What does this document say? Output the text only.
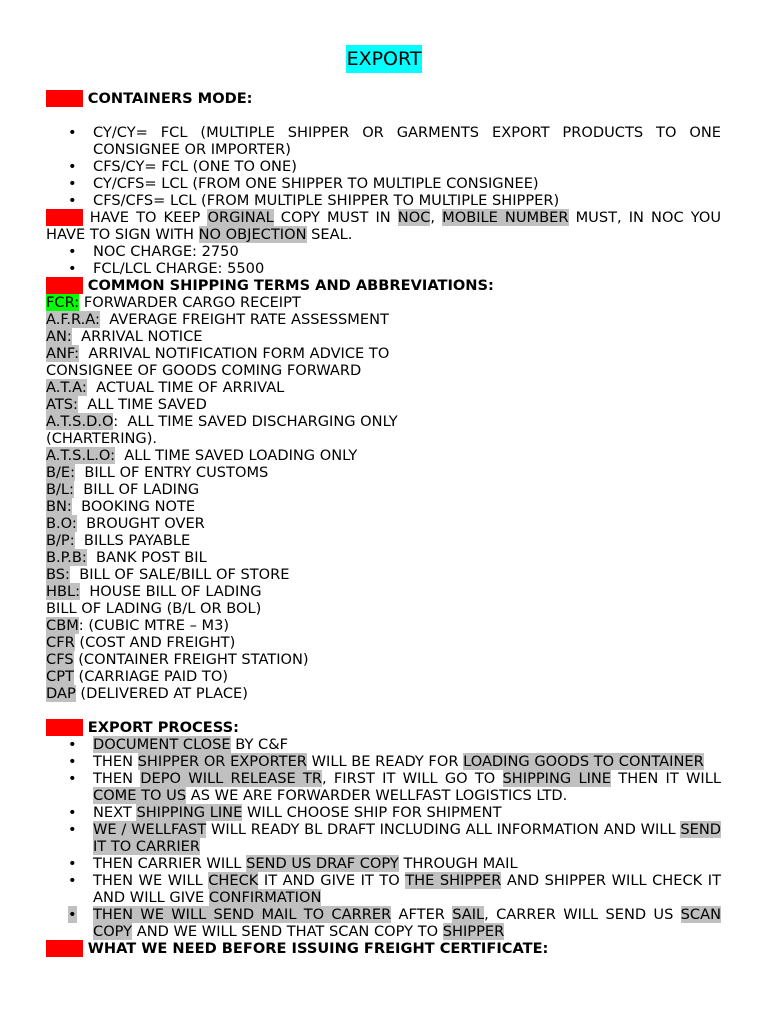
EXPORT
### CONTAINERS MODE:
• CY/CY= FCL (MULTIPLE SHIPPER OR GARMENTS EXPORT PRODUCTS TO ONE CONSIGNEE OR IMPORTER)
• CFS/CY= FCL (ONE TO ONE)
• CY/CFS= LCL (FROM ONE SHIPPER TO MULTIPLE CONSIGNEE)
• CFS/CFS= LCL (FROM MULTIPLE SHIPPER TO MULTIPLE SHIPPER)
### HAVE TO KEEP ORGINAL COPY MUST IN NOC, MOBILE NUMBER MUST, IN NOC YOU HAVE TO SIGN WITH NO OBJECTION SEAL.
• NOC CHARGE: 2750
• FCL/LCL CHARGE: 5500
### COMMON SHIPPING TERMS AND ABBREVIATIONS:
FCR: FORWARDER CARGO RECEIPT
A.F.R.A:  AVERAGE FREIGHT RATE ASSESSMENT
AN:  ARRIVAL NOTICE
ANF:  ARRIVAL NOTIFICATION FORM ADVICE TO
CONSIGNEE OF GOODS COMING FORWARD
A.T.A:  ACTUAL TIME OF ARRIVAL
ATS:  ALL TIME SAVED
A.T.S.D.O:  ALL TIME SAVED DISCHARGING ONLY
(CHARTERING).
A.T.S.L.O:  ALL TIME SAVED LOADING ONLY
B/E:  BILL OF ENTRY CUSTOMS
B/L:  BILL OF LADING
BN:  BOOKING NOTE
B.O:  BROUGHT OVER
B/P:  BILLS PAYABLE
B.P.B:  BANK POST BIL
BS:  BILL OF SALE/BILL OF STORE
HBL:  HOUSE BILL OF LADING
BILL OF LADING (B/L OR BOL)
CBM: (CUBIC MTRE – M3)
CFR (COST AND FREIGHT)
CFS (CONTAINER FREIGHT STATION)
CPT (CARRIAGE PAID TO)
DAP (DELIVERED AT PLACE)
### EXPORT PROCESS:
• DOCUMENT CLOSE BY C&F
• THEN SHIPPER OR EXPORTER WILL BE READY FOR LOADING GOODS TO CONTAINER
• THEN DEPO WILL RELEASE TR, FIRST IT WILL GO TO SHIPPING LINE THEN IT WILL COME TO US AS WE ARE FORWARDER WELLFAST LOGISTICS LTD.
• NEXT SHIPPING LINE WILL CHOOSE SHIP FOR SHIPMENT
• WE / WELLFAST WILL READY BL DRAFT INCLUDING ALL INFORMATION AND WILL SEND IT TO CARRIER
• THEN CARRIER WILL SEND US DRAF COPY THROUGH MAIL
• THEN WE WILL CHECK IT AND GIVE IT TO THE SHIPPER AND SHIPPER WILL CHECK IT AND WILL GIVE CONFIRMATION
• THEN WE WILL SEND MAIL TO CARRER AFTER SAIL, CARRER WILL SEND US SCAN COPY AND WE WILL SEND THAT SCAN COPY TO SHIPPER
### WHAT WE NEED BEFORE ISSUING FREIGHT CERTIFICATE:
